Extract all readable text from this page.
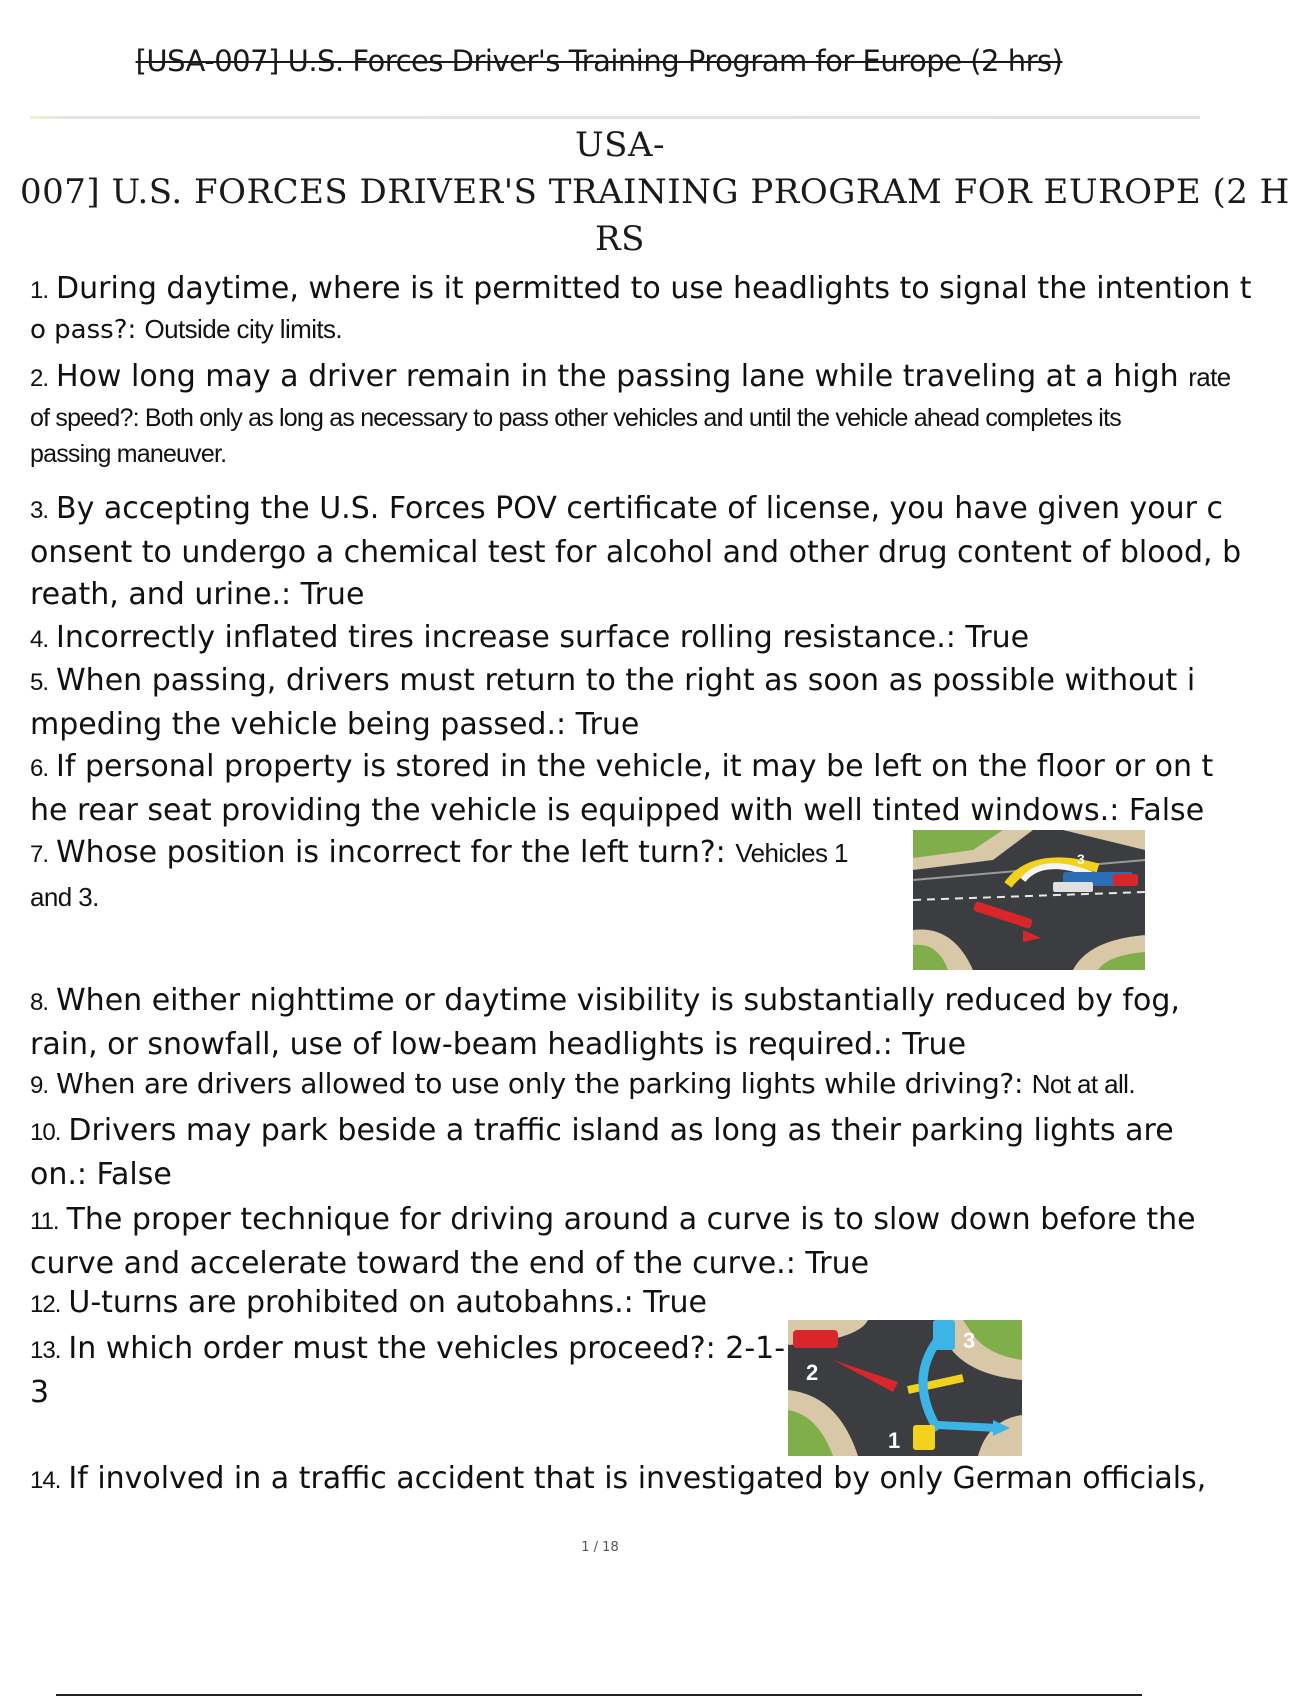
[USA-007] U.S. Forces Driver's Training Program for Europe (2 hrs)
USA-
007] U.S. FORCES DRIVER'S TRAINING PROGRAM FOR EUROPE (2 H
RS
1. During daytime, where is it permitted to use headlights to signal the intention t
o pass?: Outside city limits.
2. How long may a driver remain in the passing lane while traveling at a high rate
of speed?: Both only as long as necessary to pass other vehicles and until the vehicle ahead completes its
passing maneuver.
3. By accepting the U.S. Forces POV certificate of license, you have given your c
onsent to undergo a chemical test for alcohol and other drug content of blood, b
reath, and urine.: True
4. Incorrectly inflated tires increase surface rolling resistance.: True
5. When passing, drivers must return to the right as soon as possible without i
mpeding the vehicle being passed.: True
6. If personal property is stored in the vehicle, it may be left on the floor or on t
he rear seat providing the vehicle is equipped with well tinted windows.: False
7. Whose position is incorrect for the left turn?: Vehicles 1 and 3.
3
8. When either nighttime or daytime visibility is substantially reduced by fog,
rain, or snowfall, use of low-beam headlights is required.: True
9. When are drivers allowed to use only the parking lights while driving?: Not at all.
10. Drivers may park beside a traffic island as long as their parking lights are
on.: False
11. The proper technique for driving around a curve is to slow down before the
curve and accelerate toward the end of the curve.: True
12. U-turns are prohibited on autobahns.: True
13. In which order must the vehicles proceed?: 2-1-3
3
2
1
14. If involved in a traffic accident that is investigated by only German officials,
1 / 18
